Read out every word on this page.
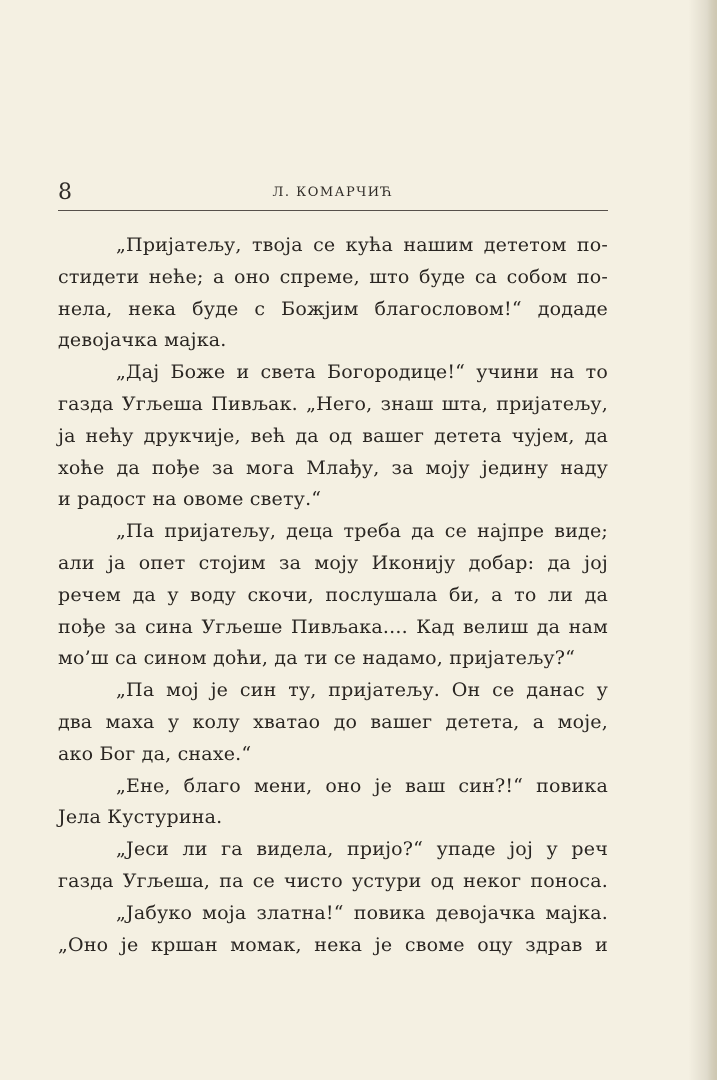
8	Л. КОМАРЧИЋ
„Пријатељу, твоја се кућа нашим дететом по-
стидети неће; а оно спреме, што буде са собом по-
нела, нека буде с Божјим благословом!“ додаде
девојачка мајка.
„Дај Боже и света Богородице!“ учини на то
газда Угљеша Пивљак. „Него, знаш шта, пријатељу,
ја нећу друкчије, већ да од вашег детета чујем, да
хоће да пође за мога Млађу, за моју једину наду
и радост на овоме свету.“
„Па пријатељу, деца треба да се најпре виде;
али ја опет стојим за моју Иконију добар: да јој
речем да у воду скочи, послушала би, а то ли да
пође за сина Угљеше Пивљака.... Кад велиш да нам
мо’ш са сином доћи, да ти се надамо, пријатељу?“
„Па мој је син ту, пријатељу. Он се данас у
два маха у колу хватао до вашег детета, а моје,
ако Бог да, снахе.“
„Ене, благо мени, оно је ваш син?!“ повика
Јела Кустурина.
„Јеси ли га видела, пријо?“ упаде јој у реч
газда Угљеша, па се чисто устури од неког поноса.
„Јабуко моја златна!“ повика девојачка мајка.
„Оно је кршан момак, нека је своме оцу здрав и
